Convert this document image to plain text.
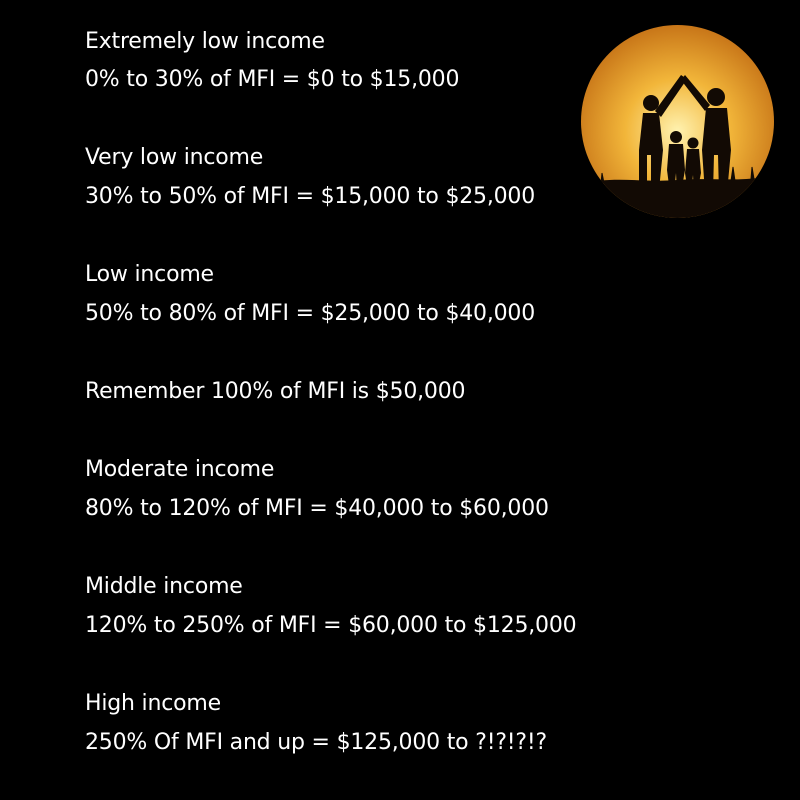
Extremely low income
0% to 30% of MFI = $0 to $15,000
Very low income
30% to 50% of MFI = $15,000 to $25,000
Low income
50% to 80% of MFI = $25,000 to $40,000
Remember 100% of MFI is $50,000
Moderate income
80% to 120% of MFI = $40,000 to $60,000
Middle income
120% to 250% of MFI = $60,000 to $125,000
High income
250% Of MFI and up = $125,000 to ?!?!?!?
